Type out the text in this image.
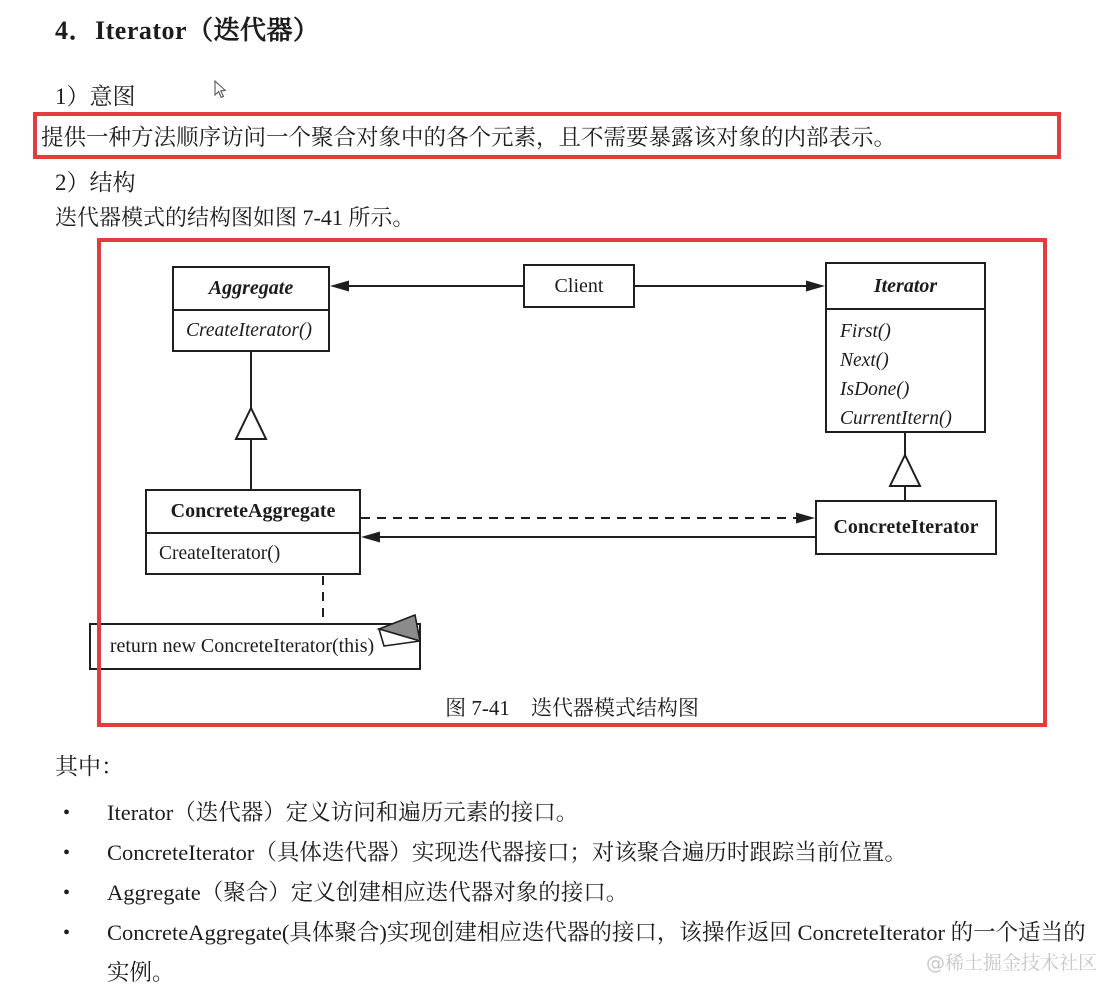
4．Iterator（迭代器）
1）意图
提供一种方法顺序访问一个聚合对象中的各个元素，且不需要暴露该对象的内部表示。
2）结构
迭代器模式的结构图如图 7-41 所示。
Aggregate
CreateIterator()
Client	Iterator
First()
Next()
IsDone()
CurrentItern()
ConcreteAggregate
CreateIterator()
ConcreteIterator
return new ConcreteIterator(this)
图 7-41　迭代器模式结构图
其中：
• Iterator（迭代器）定义访问和遍历元素的接口。
• ConcreteIterator（具体迭代器）实现迭代器接口；对该聚合遍历时跟踪当前位置。
• Aggregate（聚合）定义创建相应迭代器对象的接口。
• ConcreteAggregate(具体聚合)实现创建相应迭代器的接口，该操作返回 ConcreteIterator 的一个适当的实例。	@稀土掘金技术社区
